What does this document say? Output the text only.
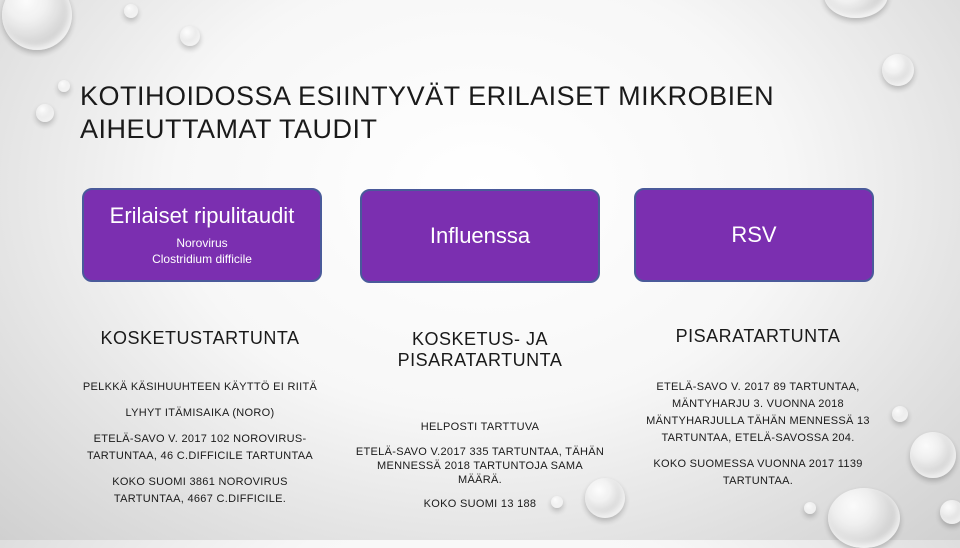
KOTIHOIDOSSA ESIINTYVÄT ERILAISET MIKROBIEN
AIHEUTTAMAT TAUDIT
Erilaiset ripulitaudit
Norovirus
Clostridium difficile
Influenssa	RSV
KOSKETUSTARTUNTA

PELKKÄ KÄSIHUUHTEEN KÄYTTÖ EI RIITÄ

LYHYT ITÄMISAIKA (NORO)

ETELÄ-SAVO V. 2017 102 NOROVIRUS-TARTUNTAA, 46 C.DIFFICILE TARTUNTAA

KOKO SUOMI 3861 NOROVIRUS TARTUNTAA, 4667 C.DIFFICILE.

KOSKETUS- JA
PISARATARTUNTA

HELPOSTI TARTTUVA

ETELÄ-SAVO V.2017 335 TARTUNTAA, TÄHÄN MENNESSÄ 2018 TARTUNTOJA SAMA MÄÄRÄ.

KOKO SUOMI 13 188

PISARATARTUNTA

ETELÄ-SAVO V. 2017 89 TARTUNTAA, MÄNTYHARJU 3. VUONNA 2018 MÄNTYHARJULLA TÄHÄN MENNESSÄ 13 TARTUNTAA, ETELÄ-SAVOSSA 204.

KOKO SUOMESSA VUONNA 2017 1139 TARTUNTAA.
